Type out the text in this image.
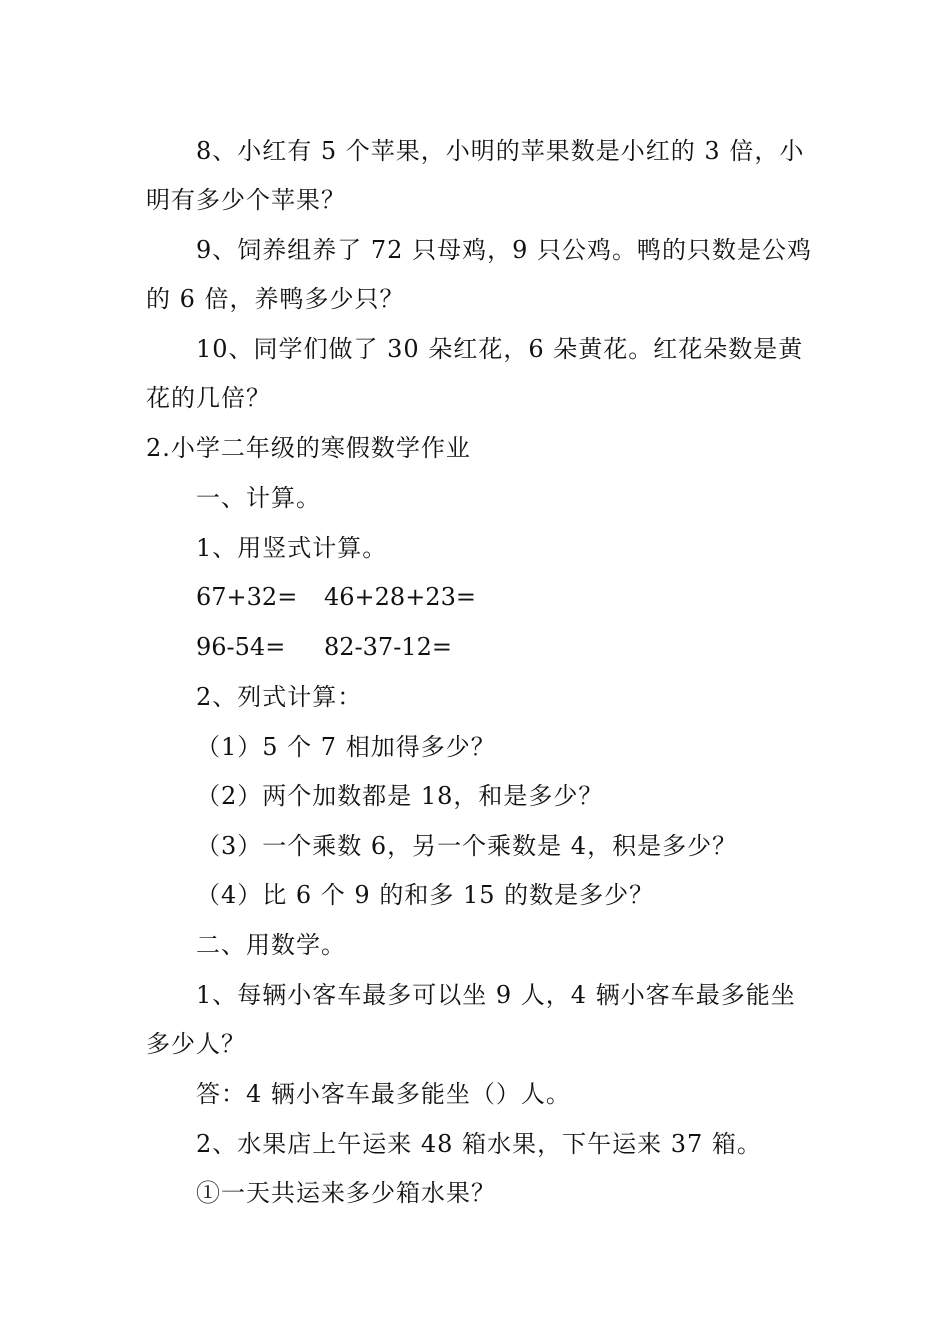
8、小红有 5 个苹果，小明的苹果数是小红的 3 倍，小
明有多少个苹果？
9、饲养组养了 72 只母鸡，9 只公鸡。鸭的只数是公鸡
的 6 倍，养鸭多少只？
10、同学们做了 30 朵红花，6 朵黄花。红花朵数是黄
花的几倍？
2.小学二年级的寒假数学作业
一、计算。
1、用竖式计算。
67+32= 46+28+23=
96-54= 82-37-12=
2、列式计算：
（1）5 个 7 相加得多少？
（2）两个加数都是 18，和是多少？
（3）一个乘数 6，另一个乘数是 4，积是多少？
（4）比 6 个 9 的和多 15 的数是多少？
二、用数学。
1、每辆小客车最多可以坐 9 人，4 辆小客车最多能坐
多少人？
答：4 辆小客车最多能坐（）人。
2、水果店上午运来 48 箱水果，下午运来 37 箱。
①一天共运来多少箱水果？
